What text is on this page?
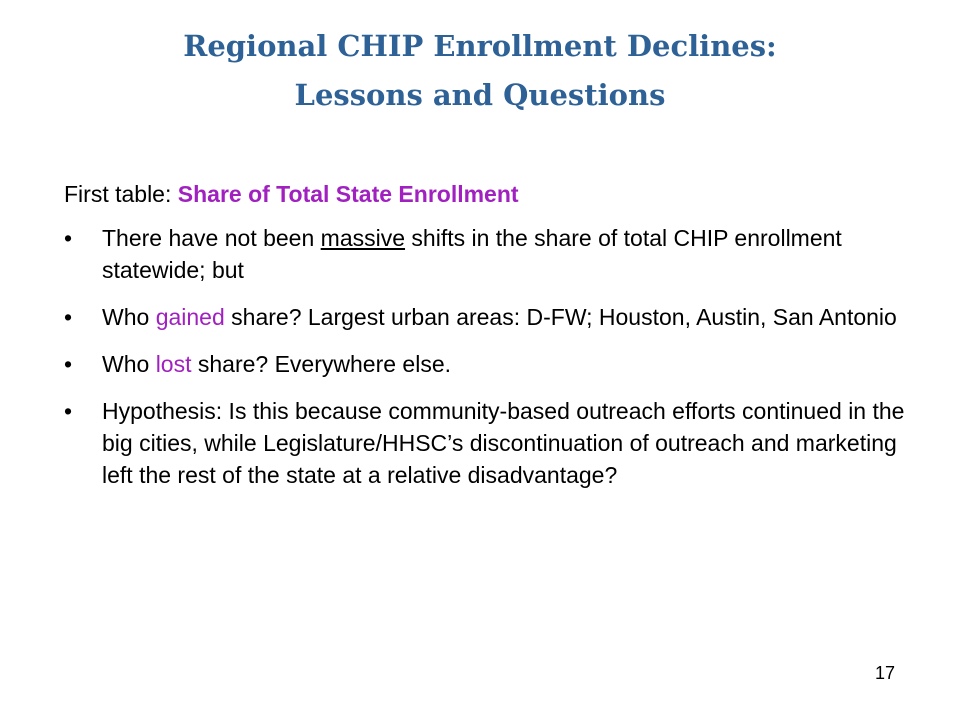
Regional CHIP Enrollment Declines:
Lessons and Questions
First table: Share of Total State Enrollment
• There have not been massive shifts in the share of total CHIP enrollment statewide; but
• Who gained share? Largest urban areas: D-FW; Houston, Austin, San Antonio
• Who lost share? Everywhere else.
• Hypothesis: Is this because community-based outreach efforts continued in the big cities, while Legislature/HHSC’s discontinuation of outreach and marketing left the rest of the state at a relative disadvantage?
17
